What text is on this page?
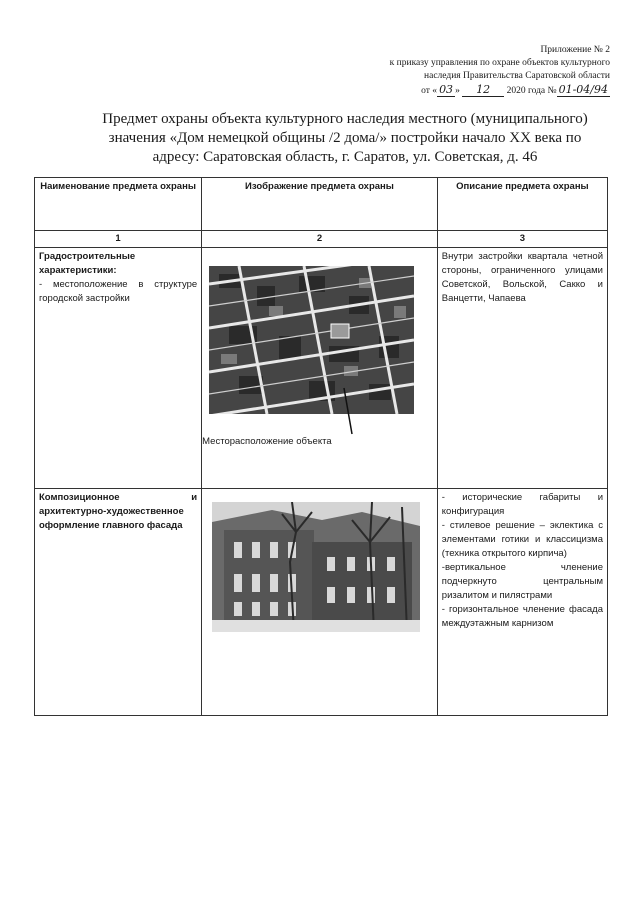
Приложение № 2
к приказу управления по охране объектов культурного
наследия Правительства Саратовской области
от « 03 » 12 2020 года № 01-04/94
Предмет охраны объекта культурного наследия местного (муниципального)
значения «Дом немецкой общины /2 дома/» постройки начало XX века по
адресу: Саратовская область, г. Саратов, ул. Советская, д. 46
Наименование предмета охраны	Изображение предмета охраны	Описание предмета охраны
1	2	3
Градостроительные характеристики:
- местоположение в структуре городской застройки	Месторасположение объекта	Внутри застройки квартала четной стороны, ограниченного улицами Советской, Вольской, Сакко и Ванцетти, Чапаева
Композиционное и архитектурно-художественное оформление главного фасада		- исторические габариты и конфигурация
- стилевое решение – эклектика с элементами готики и классицизма (техника открытого кирпича)
-вертикальное членение подчеркнуто центральным ризалитом и пилястрами
- горизонтальное членение фасада междуэтажным карнизом
